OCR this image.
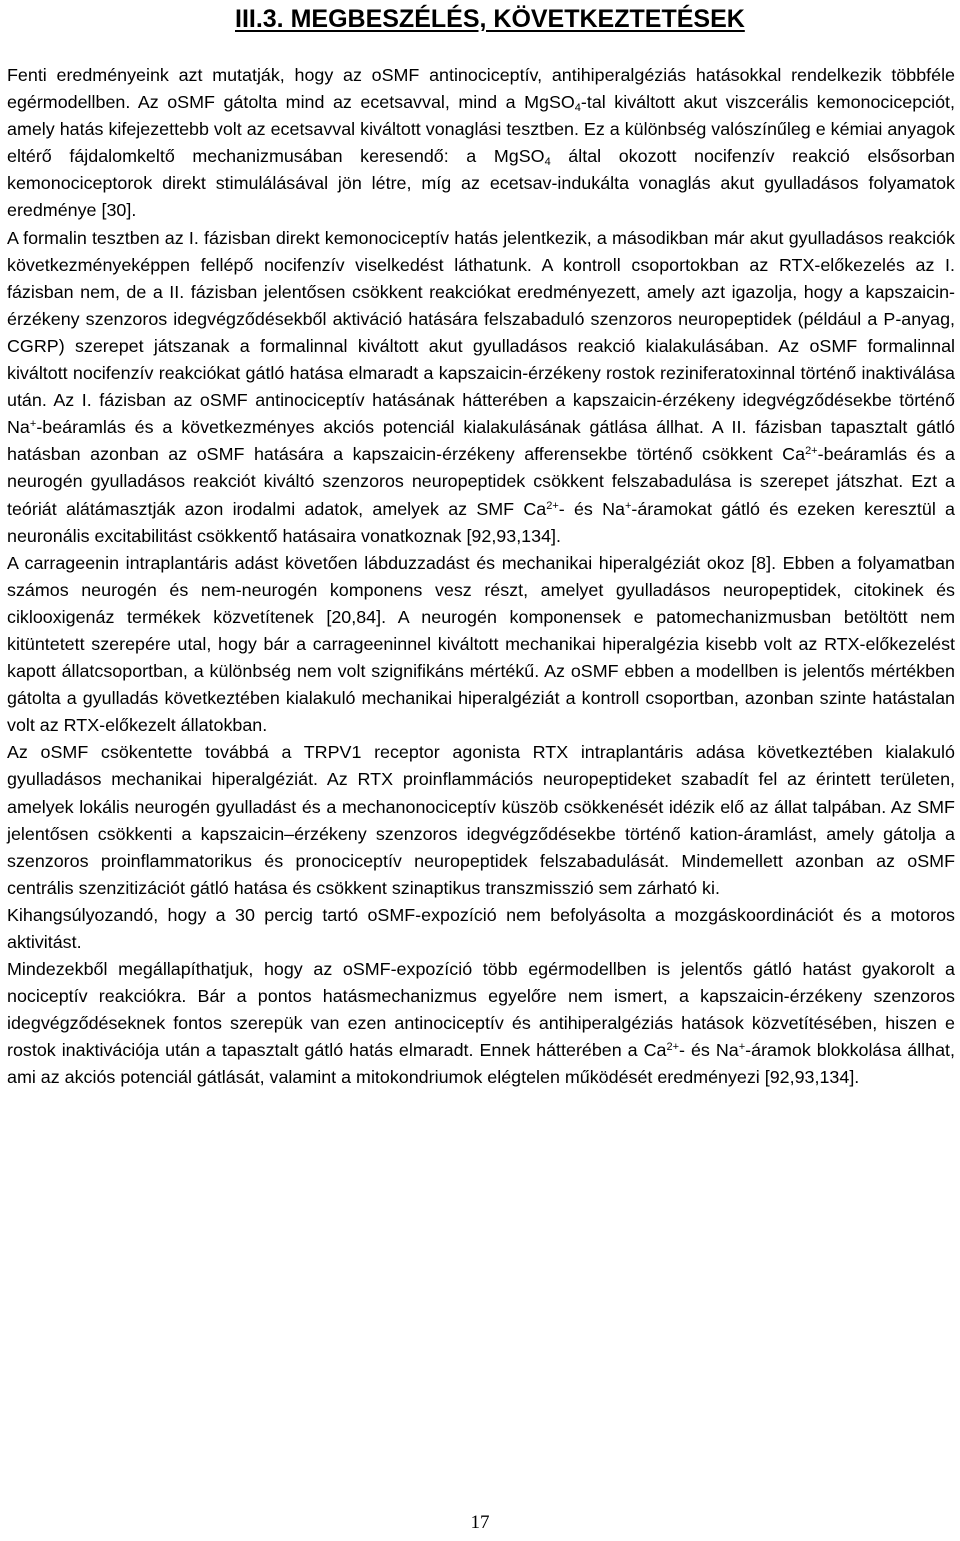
III.3. MEGBESZÉLÉS, KÖVETKEZTETÉSEK

Fenti eredményeink azt mutatják, hogy az oSMF antinociceptív, antihiperalgéziás hatásokkal rendelkezik többféle egérmodellben. Az oSMF gátolta mind az ecetsavval, mind a MgSO$_4$-tal kiváltott akut viszcerális kemonocicepciót, amely hatás kifejezettebb volt az ecetsavval kiváltott vonaglási tesztben. Ez a különbség valószínűleg e kémiai anyagok eltérő fájdalomkeltő mechanizmusában keresendő: a MgSO$_4$ által okozott nocifenzív reakció elsősorban kemonociceptorok direkt stimulálásával jön létre, míg az ecetsav-indukálta vonaglás akut gyulladásos folyamatok eredménye [30].

A formalin tesztben az I. fázisban direkt kemonociceptív hatás jelentkezik, a másodikban már akut gyulladásos reakciók következményeképpen fellépő nocifenzív viselkedést láthatunk. A kontroll csoportokban az RTX-előkezelés az I. fázisban nem, de a II. fázisban jelentősen csökkent reakciókat eredményezett, amely azt igazolja, hogy a kapszaicin-érzékeny szenzoros idegvégződésekből aktiváció hatására felszabaduló szenzoros neuropeptidek (például a P-anyag, CGRP) szerepet játszanak a formalinnal kiváltott akut gyulladásos reakció kialakulásában. Az oSMF formalinnal kiváltott nocifenzív reakciókat gátló hatása elmaradt a kapszaicin-érzékeny rostok reziniferatoxinnal történő inaktiválása után. Az I. fázisban az oSMF antinociceptív hatásának hátterében a kapszaicin-érzékeny idegvégződésekbe történő Na+-beáramlás és a következményes akciós potenciál kialakulásának gátlása állhat. A II. fázisban tapasztalt gátló hatásban azonban az oSMF hatására a kapszaicin-érzékeny afferensekbe történő csökkent $Ca^{2+}$-beáramlás és a neurogén gyulladásos reakciót kiváltó szenzoros neuropeptidek csökkent felszabadulása is szerepet játszhat. Ezt a teóriát alátámasztják azon irodalmi adatok, amelyek az SMF $Ca^{2+}-$ és Na+-áramokat gátló és ezeken keresztül a neuronális excitabilitást csökkentő hatásaira vonatkoznak [92,93,134].

A carrageenin intraplantáris adást követően lábduzzadást és mechanikai hiperalgéziát okoz [8]. Ebben a folyamatban számos neurogén és nem-neurogén komponens vesz részt, amelyet gyulladásos neuropeptidek, citokinek és ciklooxigenáz termékek közvetítenek [20,84]. A neurogén komponensek e patomechanizmusban betöltött nem kitüntetett szerepére utal, hogy bár a carrageeninnel kiváltott mechanikai hiperalgézia kisebb volt az RTX-előkezelést kapott állatcsoportban, a különbség nem volt szignifikáns mértékű. Az oSMF ebben a modellben is jelentős mértékben gátolta a gyulladás következtében kialakuló mechanikai hiperalgéziát a kontroll csoportban, azonban szinte hatástalan volt az RTX-előkezelt állatokban.

Az oSMF csökentette továbbá a TRPV1 receptor agonista RTX intraplantáris adása következtében kialakuló gyulladásos mechanikai hiperalgéziát. Az RTX proinflammációs neuropeptideket szabadít fel az érintett területen, amelyek lokális neurogén gyulladást és a mechanonociceptív küszöb csökkenését idézik elő az állat talpában. Az SMF jelentősen csökkenti a kapszaicin–érzékeny szenzoros idegvégződésekbe történő kation-áramlást, amely gátolja a szenzoros proinflammatorikus és pronociceptív neuropeptidek felszabadulását. Mindemellett azonban az oSMF centrális szenzitizációt gátló hatása és csökkent szinaptikus transzmisszió sem zárható ki.

Kihangsúlyozandó, hogy a 30 percig tartó oSMF-expozíció nem befolyásolta a mozgáskoordinációt és a motoros aktivitást.

Mindezekből megállapíthatjuk, hogy az oSMF-expozíció több egérmodellben is jelentős gátló hatást gyakorolt a nociceptív reakciókra. Bár a pontos hatásmechanizmus egyelőre nem ismert, a kapszaicin-érzékeny szenzoros idegvégződéseknek fontos szerepük van ezen antinociceptív és antihiperalgéziás hatások közvetítésében, hiszen e rostok inaktivációja után a tapasztalt gátló hatás elmaradt. Ennek hátterében a $Ca^{2+}-$ és Na+-áramok blokkolása állhat, ami az akciós potenciál gátlását, valamint a mitokondriumok elégtelen működését eredményezi [92,93,134].

17
